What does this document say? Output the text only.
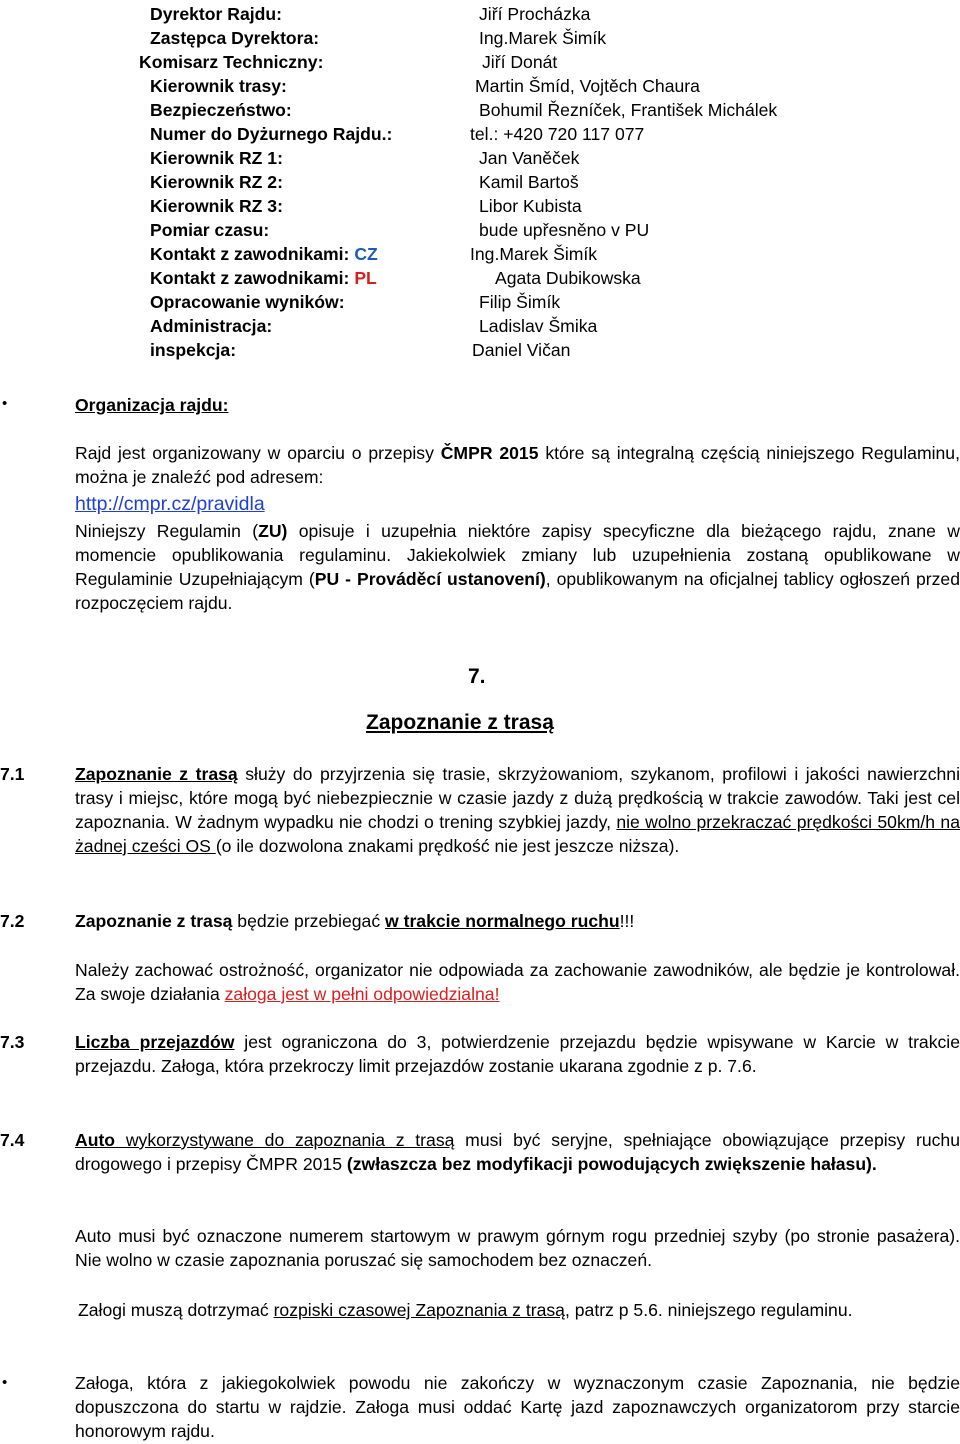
Dyrektor Rajdu:	Jiří Procházka
Zastępca Dyrektora:	Ing.Marek Šimík
Komisarz Techniczny:	Jiří Donát
Kierownik trasy:	Martin Šmíd, Vojtěch Chaura
Bezpieczeństwo:	Bohumil Řezníček, František Michálek
Numer do Dyżurnego Rajdu.:	tel.: +420 720 117 077
Kierownik RZ 1:	Jan Vaněček
Kierownik RZ 2:	Kamil Bartoš
Kierownik RZ 3:	Libor Kubista
Pomiar czasu:	bude upřesněno v PU
Kontakt z zawodnikami: CZ	Ing.Marek Šimík
Kontakt z zawodnikami: PL	Agata Dubikowska
Opracowanie wyników:	Filip Šimík
Administracja:	Ladislav Šmika
inspekcja:	Daniel Vičan
•	Organizacja rajdu:
Rajd jest organizowany w oparciu o przepisy ČMPR 2015 które są integralną częścią niniejszego Regulaminu, można je znaleźć pod adresem:
http://cmpr.cz/pravidla
Niniejszy Regulamin (ZU) opisuje i uzupełnia niektóre zapisy specyficzne dla bieżącego rajdu, znane w momencie opublikowania regulaminu. Jakiekolwiek zmiany lub uzupełnienia zostaną opublikowane w Regulaminie Uzupełniającym (PU - Prováděcí ustanovení), opublikowanym na oficjalnej tablicy ogłoszeń przed rozpoczęciem rajdu.
7.
Zapoznanie z trasą
7.1	Zapoznanie z trasą służy do przyjrzenia się trasie, skrzyżowaniom, szykanom, profilowi i jakości nawierzchni trasy i miejsc, które mogą być niebezpiecznie w czasie jazdy z dużą prędkością w trakcie zawodów. Taki jest cel zapoznania. W żadnym wypadku nie chodzi o trening szybkiej jazdy, nie wolno przekraczać prędkości 50km/h na żadnej cześci OS (o ile dozwolona znakami prędkość nie jest jeszcze niższa).
7.2	Zapoznanie z trasą będzie przebiegać w trakcie normalnego ruchu!!!
Należy zachować ostrożność, organizator nie odpowiada za zachowanie zawodników, ale będzie je kontrolował. Za swoje działania załoga jest w pełni odpowiedzialna!
7.3	Liczba przejazdów jest ograniczona do 3, potwierdzenie przejazdu będzie wpisywane w Karcie w trakcie przejazdu. Załoga, która przekroczy limit przejazdów zostanie ukarana zgodnie z p. 7.6.
7.4	Auto wykorzystywane do zapoznania z trasą musi być seryjne, spełniające obowiązujące przepisy ruchu drogowego i przepisy ČMPR 2015 (zwłaszcza bez modyfikacji powodujących zwiększenie hałasu).
Auto musi być oznaczone numerem startowym w prawym górnym rogu przedniej szyby (po stronie pasażera). Nie wolno w czasie zapoznania poruszać się samochodem bez oznaczeń.
Załogi muszą dotrzymać rozpiski czasowej Zapoznania z trasą, patrz p 5.6. niniejszego regulaminu.
•	Załoga, która z jakiegokolwiek powodu nie zakończy w wyznaczonym czasie Zapoznania, nie będzie dopuszczona do startu w rajdzie. Załoga musi oddać Kartę jazd zapoznawczych organizatorom przy starcie honorowym rajdu.
